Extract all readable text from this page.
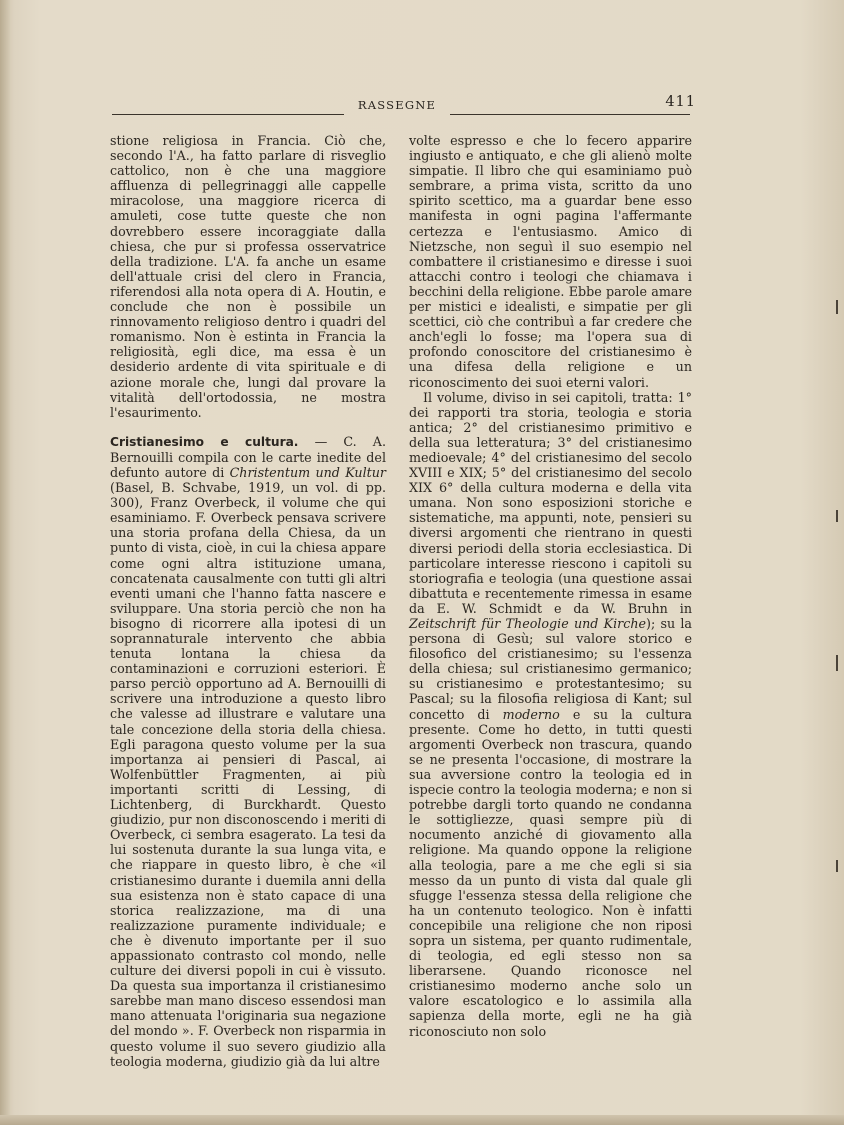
RASSEGNE	411

stione religiosa in Francia. Ciò che, secondo l'A., ha fatto parlare di risveglio cattolico, non è che una maggiore affluenza di pellegrinaggi alle cappelle miracolose, una maggiore ricerca di amuleti, cose tutte queste che non dovrebbero essere incoraggiate dalla chiesa, che pur si professa osservatrice della tradizione. L'A. fa anche un esame dell'attuale crisi del clero in Francia, riferendosi alla nota opera di A. Houtin, e conclude che non è possibile un rinnovamento religioso dentro i quadri del romanismo. Non è estinta in Francia la religiosità, egli dice, ma essa è un desiderio ardente di vita spirituale e di azione morale che, lungi dal provare la vitalità dell'ortodossia, ne mostra l'esaurimento.

Cristianesimo e cultura. — C. A. Bernouilli compila con le carte inedite del defunto autore di Christentum und Kultur (Basel, B. Schvabe, 1919, un vol. di pp. 300), Franz Overbeck, il volume che qui esaminiamo. F. Overbeck pensava scrivere una storia profana della Chiesa, da un punto di vista, cioè, in cui la chiesa appare come ogni altra istituzione umana, concatenata causalmente con tutti gli altri eventi umani che l'hanno fatta nascere e sviluppare. Una storia perciò che non ha bisogno di ricorrere alla ipotesi di un soprannaturale intervento che abbia tenuta lontana la chiesa da contaminazioni e corruzioni esteriori. È parso perciò opportuno ad A. Bernouilli di scrivere una introduzione a questo libro che valesse ad illustrare e valutare una tale concezione della storia della chiesa. Egli paragona questo volume per la sua importanza ai pensieri di Pascal, ai Wolfenbüttler Fragmenten, ai più importanti scritti di Lessing, di Lichtenberg, di Burckhardt. Questo giudizio, pur non disconoscendo i meriti di Overbeck, ci sembra esagerato. La tesi da lui sostenuta durante la sua lunga vita, e che riappare in questo libro, è che «il cristianesimo durante i duemila anni della sua esistenza non è stato capace di una storica realizzazione, ma di una realizzazione puramente individuale; e che è divenuto importante per il suo appassionato contrasto col mondo, nelle culture dei diversi popoli in cui è vissuto. Da questa sua importanza il cristianesimo sarebbe man mano disceso essendosi man mano attenuata l'originaria sua negazione del mondo ». F. Overbeck non risparmia in questo volume il suo severo giudizio alla teologia moderna, giudizio già da lui altre

volte espresso e che lo fecero apparire ingiusto e antiquato, e che gli alienò molte simpatie. Il libro che qui esaminiamo può sembrare, a prima vista, scritto da uno spirito scettico, ma a guardar bene esso manifesta in ogni pagina l'affermante certezza e l'entusiasmo. Amico di Nietzsche, non seguì il suo esempio nel combattere il cristianesimo e diresse i suoi attacchi contro i teologi che chiamava i becchini della religione. Ebbe parole amare per mistici e idealisti, e simpatie per gli scettici, ciò che contribuì a far credere che anch'egli lo fosse; ma l'opera sua di profondo conoscitore del cristianesimo è una difesa della religione e un riconoscimento dei suoi eterni valori.

Il volume, diviso in sei capitoli, tratta: 1° dei rapporti tra storia, teologia e storia antica; 2° del cristianesimo primitivo e della sua letteratura; 3° del cristianesimo medioevale; 4° del cristianesimo del secolo XVIII e XIX; 5° del cristianesimo del secolo XIX 6° della cultura moderna e della vita umana. Non sono esposizioni storiche e sistematiche, ma appunti, note, pensieri su diversi argomenti che rientrano in questi diversi periodi della storia ecclesiastica. Di particolare interesse riescono i capitoli su storiografia e teologia (una questione assai dibattuta e recentemente rimessa in esame da E. W. Schmidt e da W. Bruhn in Zeitschrift für Theologie und Kirche); su la persona di Gesù; sul valore storico e filosofico del cristianesimo; su l'essenza della chiesa; sul cristianesimo germanico; su cristianesimo e protestantesimo; su Pascal; su la filosofia religiosa di Kant; sul concetto di moderno e su la cultura presente. Come ho detto, in tutti questi argomenti Overbeck non trascura, quando se ne presenta l'occasione, di mostrare la sua avversione contro la teologia ed in ispecie contro la teologia moderna; e non si potrebbe dargli torto quando ne condanna le sottigliezze, quasi sempre più di nocumento anziché di giovamento alla religione. Ma quando oppone la religione alla teologia, pare a me che egli si sia messo da un punto di vista dal quale gli sfugge l'essenza stessa della religione che ha un contenuto teologico. Non è infatti concepibile una religione che non riposi sopra un sistema, per quanto rudimentale, di teologia, ed egli stesso non sa liberarsene. Quando riconosce nel cristianesimo moderno anche solo un valore escatologico e lo assimila alla sapienza della morte, egli ne ha già riconosciuto non solo
